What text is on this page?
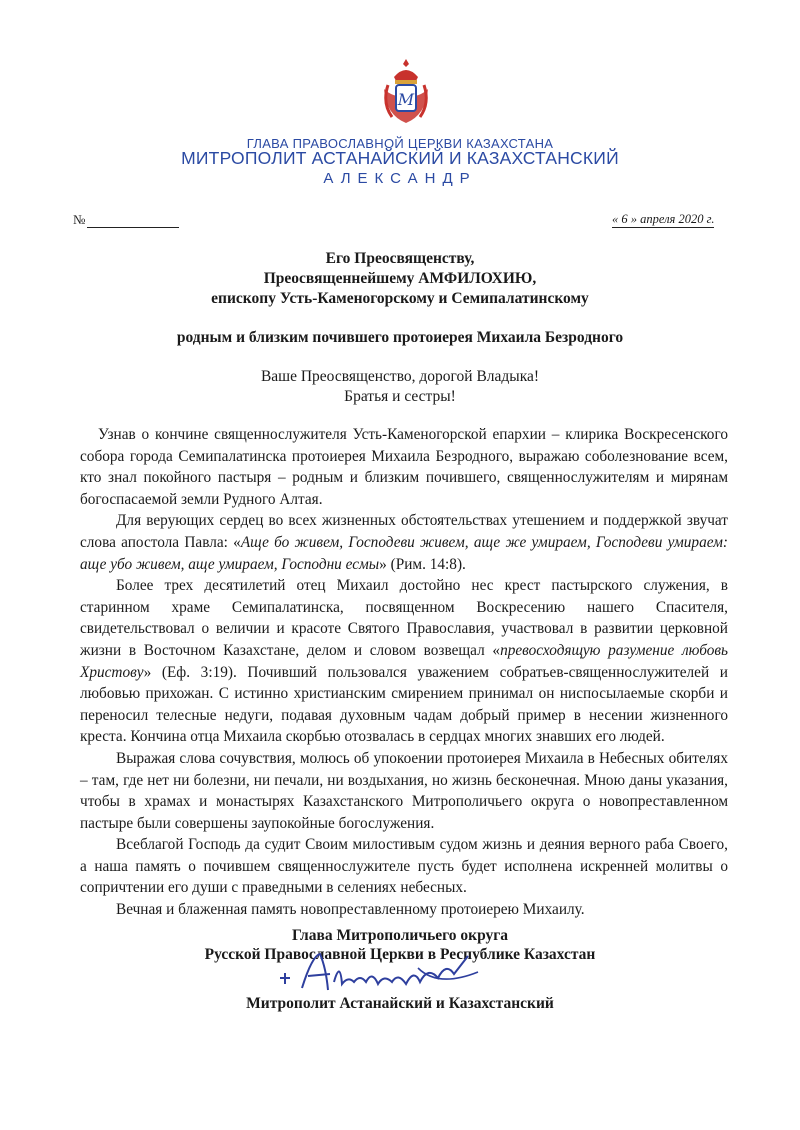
M
ГЛАВА ПРАВОСЛАВНОЙ ЦЕРКВИ КАЗАХСТАНА
МИТРОПОЛИТ АСТАНАЙСКИЙ И КАЗАХСТАНСКИЙ
АЛЕКСАНДР
№	« 6 » апреля 2020 г.
Его Преосвященству,
Преосвященнейшему АМФИЛОХИЮ,
епископу Усть-Каменогорскому и Семипалатинскому
родным и близким почившего протоиерея Михаила Безродного
Ваше Преосвященство, дорогой Владыка!
Братья и сестры!

Узнав о кончине священнослужителя Усть-Каменогорской епархии – клирика Воскресенского собора города Семипалатинска протоиерея Михаила Безродного, выражаю соболезнование всем, кто знал покойного пастыря – родным и близким почившего, священнослужителям и мирянам богоспасаемой земли Рудного Алтая.

Для верующих сердец во всех жизненных обстоятельствах утешением и поддержкой звучат слова апостола Павла: «Аще бо живем, Господеви живем, аще же умираем, Господеви умираем: аще убо живем, аще умираем, Господни есмы» (Рим. 14:8).

Более трех десятилетий отец Михаил достойно нес крест пастырского служения, в старинном храме Семипалатинска, посвященном Воскресению нашего Спасителя, свидетельствовал о величии и красоте Святого Православия, участвовал в развитии церковной жизни в Восточном Казахстане, делом и словом возвещал «превосходящую разумение любовь Христову» (Еф. 3:19). Почивший пользовался уважением собратьев-священнослужителей и любовью прихожан. С истинно христианским смирением принимал он ниспосылаемые скорби и переносил телесные недуги, подавая духовным чадам добрый пример в несении жизненного креста. Кончина отца Михаила скорбью отозвалась в сердцах многих знавших его людей.

Выражая слова сочувствия, молюсь об упокоении протоиерея Михаила в Небесных обителях – там, где нет ни болезни, ни печали, ни воздыхания, но жизнь бесконечная. Мною даны указания, чтобы в храмах и монастырях Казахстанского Митрополичьего округа о новопреставленном пастыре были совершены заупокойные богослужения.

Всеблагой Господь да судит Своим милостивым судом жизнь и деяния верного раба Своего, а наша память о почившем священнослужителе пусть будет исполнена искренней молитвы о сопричтении его души с праведными в селениях небесных.

Вечная и блаженная память новопреставленному протоиерею Михаилу.

Глава Митрополичьего округа
Русской Православной Церкви в Республике Казахстан
Митрополит Астанайский и Казахстанский
